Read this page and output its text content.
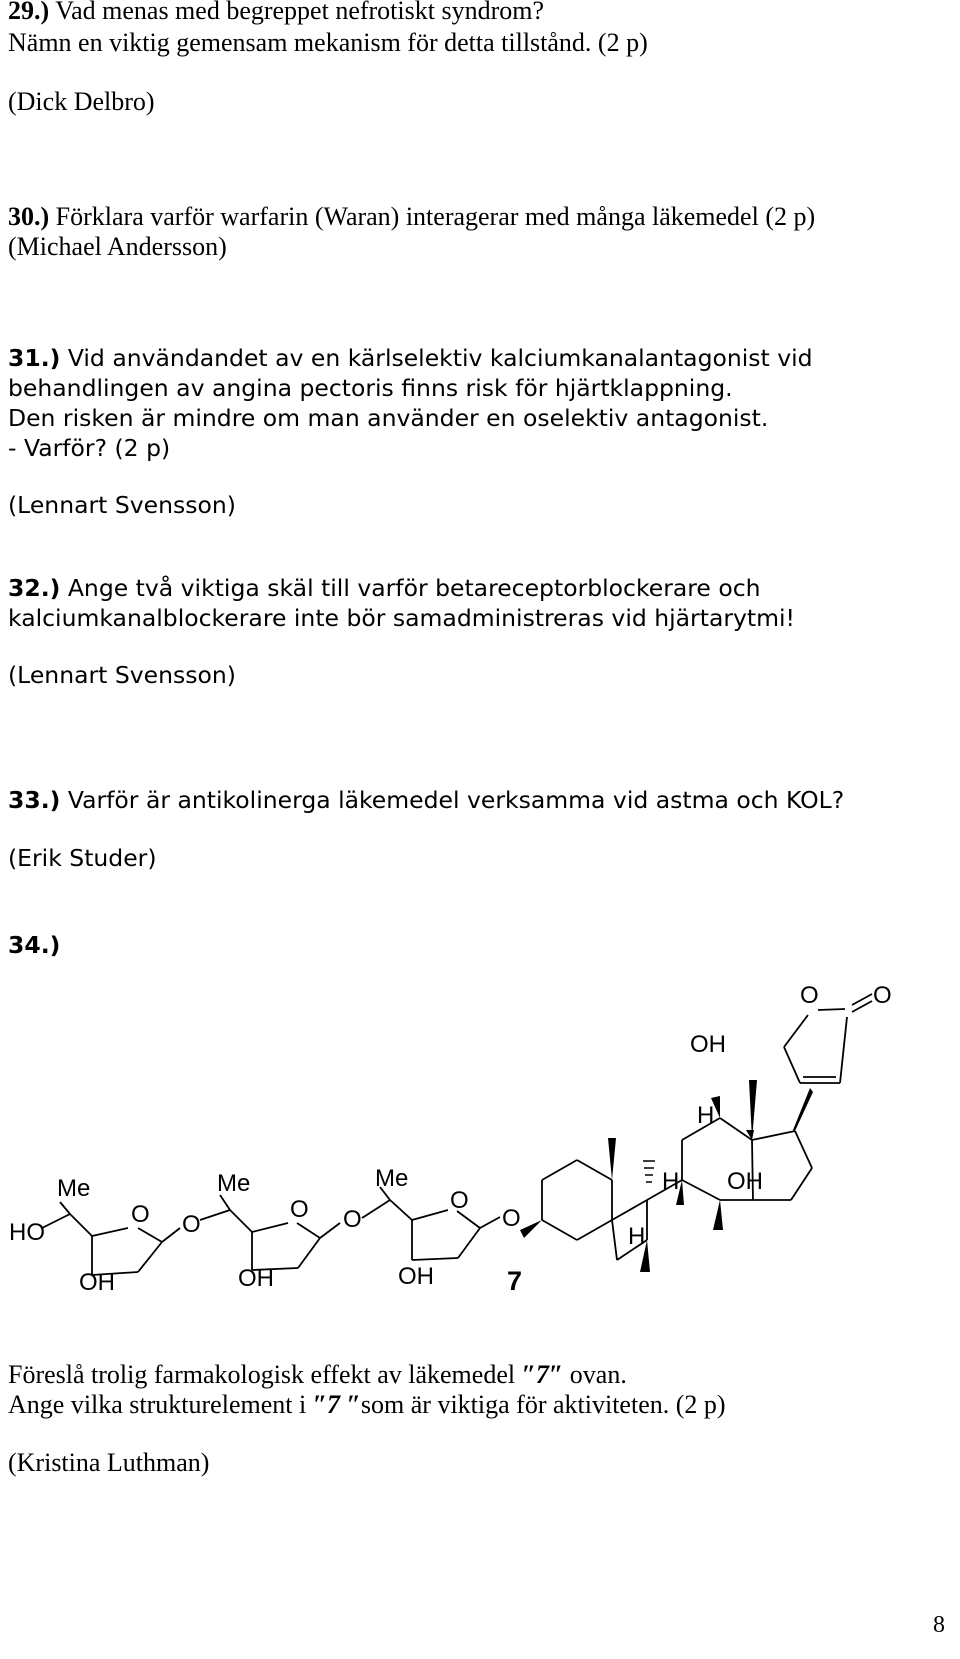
29.) Vad menas med begreppet nefrotiskt syndrom?
Nämn en viktig gemensam mekanism för detta tillstånd. (2 p)
(Dick Delbro)
30.) Förklara varför warfarin (Waran) interagerar med många läkemedel (2 p)
(Michael Andersson)
31.) Vid användandet av en kärlselektiv kalciumkanalantagonist vid
behandlingen av angina pectoris finns risk för hjärtklappning.
Den risken är mindre om man använder en oselektiv antagonist.
- Varför? (2 p)
(Lennart Svensson)
32.) Ange två viktiga skäl till varför betareceptorblockerare och
kalciumkanalblockerare inte bör samadministreras vid hjärtarytmi!
(Lennart Svensson)
33.) Varför är antikolinerga läkemedel verksamma vid astma och KOL?
(Erik Studer)
34.)
O O
OH
H
H OH
H
O
O
Me
OH
O
O
Me
OH
O
O
Me
OH
HO
7
Föreslå trolig farmakologisk effekt av läkemedel ″7″ ovan.
Ange vilka strukturelement i ″7 ″som är viktiga för aktiviteten. (2 p)
(Kristina Luthman)
8
